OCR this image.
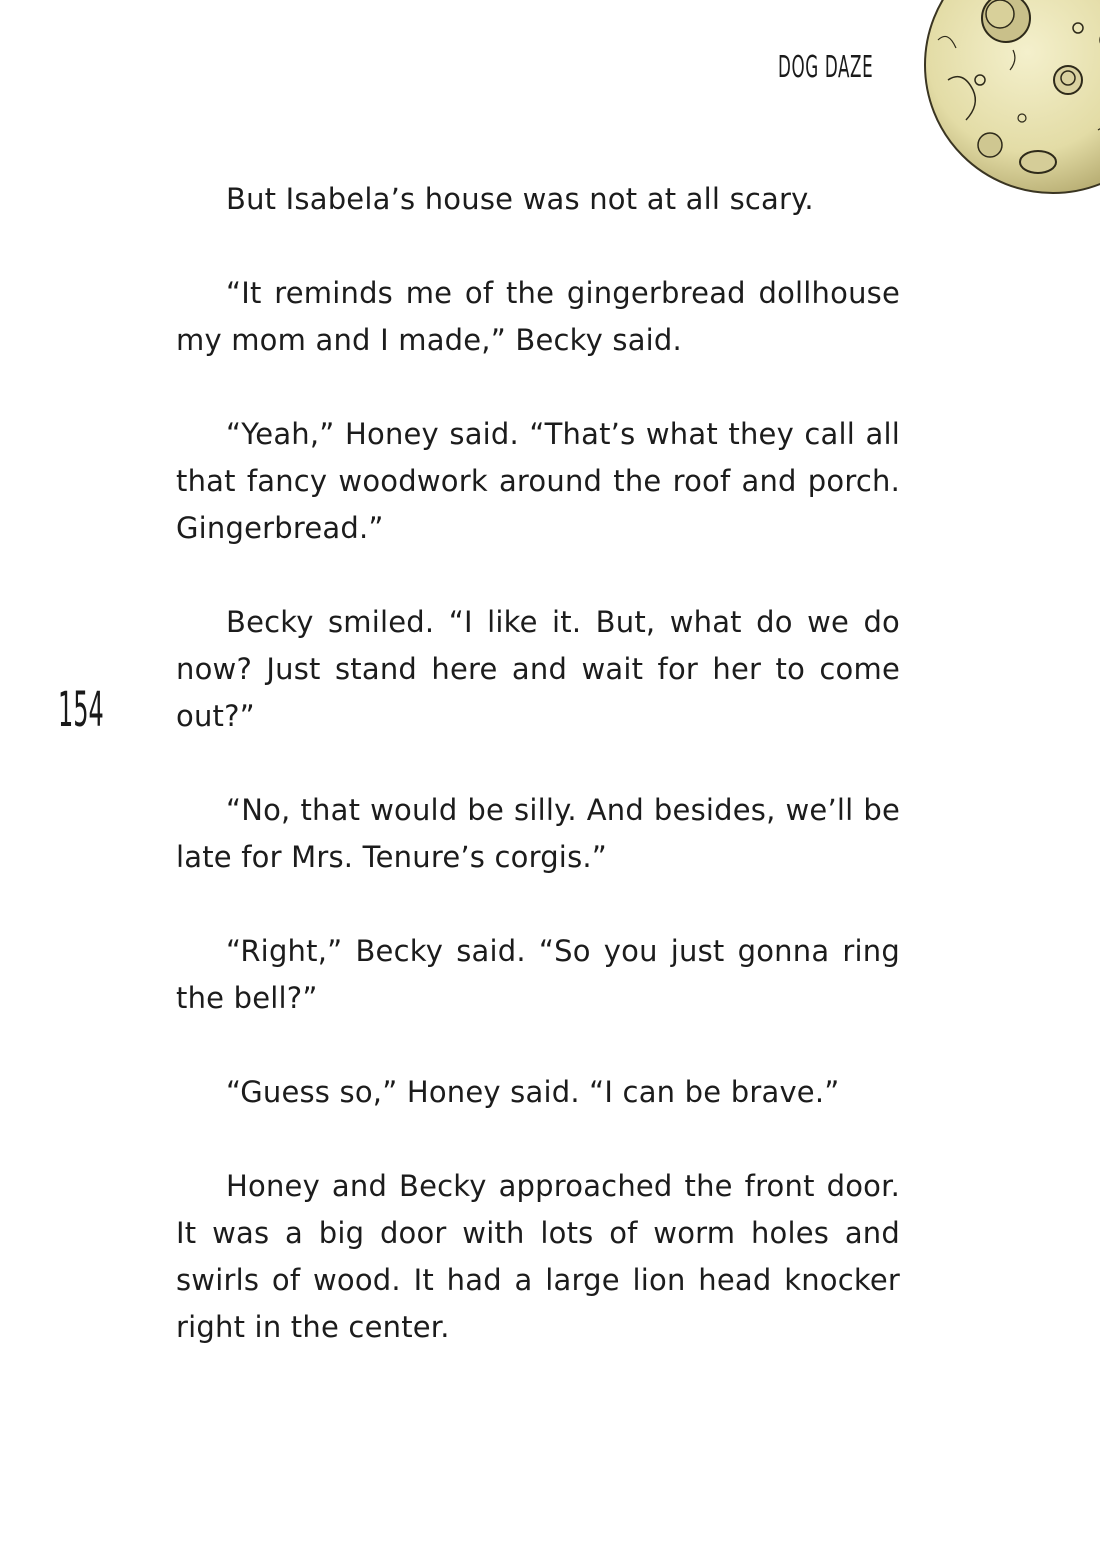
DOG DAZE
154

But Isabela’s house was not at all scary.

“It reminds me of the gingerbread dollhouse my mom and I made,” Becky said.

“Yeah,” Honey said. “That’s what they call all that fancy woodwork around the roof and porch. Gingerbread.”

Becky smiled. “I like it. But, what do we do now? Just stand here and wait for her to come out?”

“No, that would be silly. And besides, we’ll be late for Mrs. Tenure’s corgis.”

“Right,” Becky said. “So you just gonna ring the bell?”

“Guess so,” Honey said. “I can be brave.”

Honey and Becky approached the front door. It was a big door with lots of worm holes and swirls of wood. It had a large lion head knocker right in the center.
